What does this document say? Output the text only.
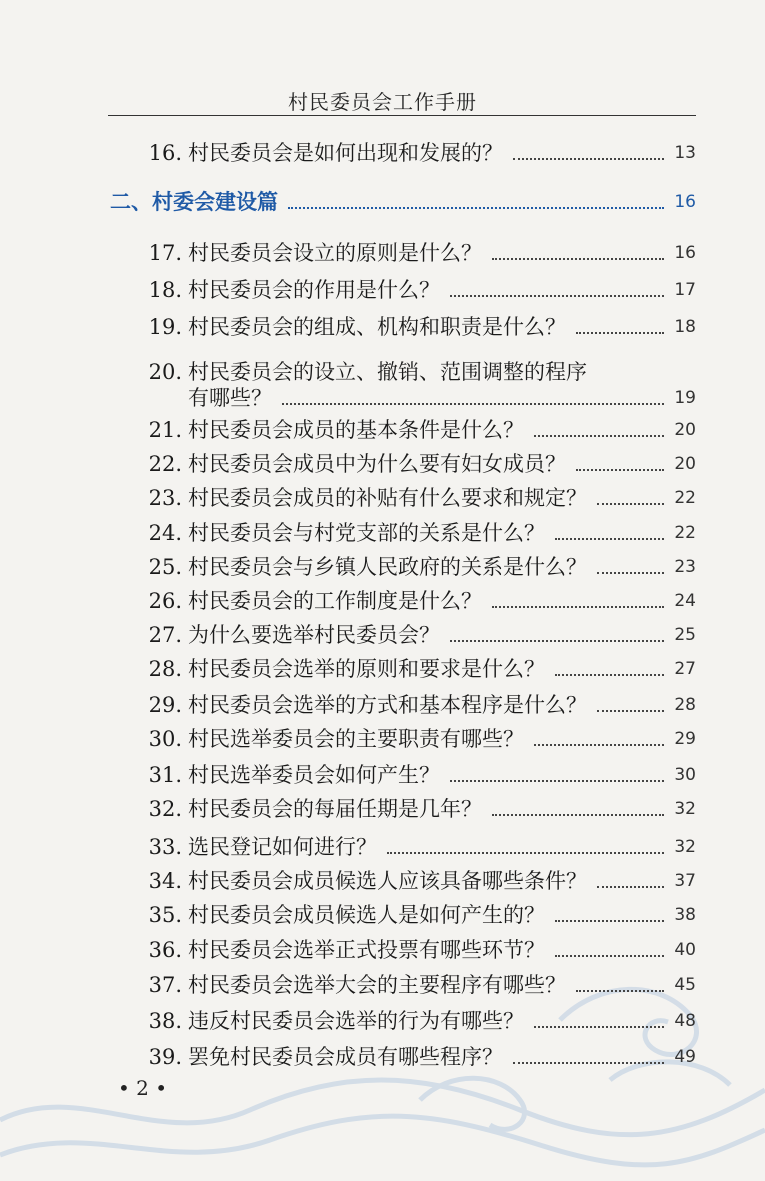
村民委员会工作手册
16. 村民委员会是如何出现和发展的？	13
二、村委会建设篇	16
17. 村民委员会设立的原则是什么？	16
18. 村民委员会的作用是什么？	17
19. 村民委员会的组成、机构和职责是什么？	18
20. 村民委员会的设立、撤销、范围调整的程序
有哪些？	19
21. 村民委员会成员的基本条件是什么？	20
22. 村民委员会成员中为什么要有妇女成员？	20
23. 村民委员会成员的补贴有什么要求和规定？	22
24. 村民委员会与村党支部的关系是什么？	22
25. 村民委员会与乡镇人民政府的关系是什么？	23
26. 村民委员会的工作制度是什么？	24
27. 为什么要选举村民委员会？	25
28. 村民委员会选举的原则和要求是什么？	27
29. 村民委员会选举的方式和基本程序是什么？	28
30. 村民选举委员会的主要职责有哪些？	29
31. 村民选举委员会如何产生？	30
32. 村民委员会的每届任期是几年？	32
33. 选民登记如何进行？	32
34. 村民委员会成员候选人应该具备哪些条件？	37
35. 村民委员会成员候选人是如何产生的？	38
36. 村民委员会选举正式投票有哪些环节？	40
37. 村民委员会选举大会的主要程序有哪些？	45
38. 违反村民委员会选举的行为有哪些？	48
39. 罢免村民委员会成员有哪些程序？	49
• 2 •
